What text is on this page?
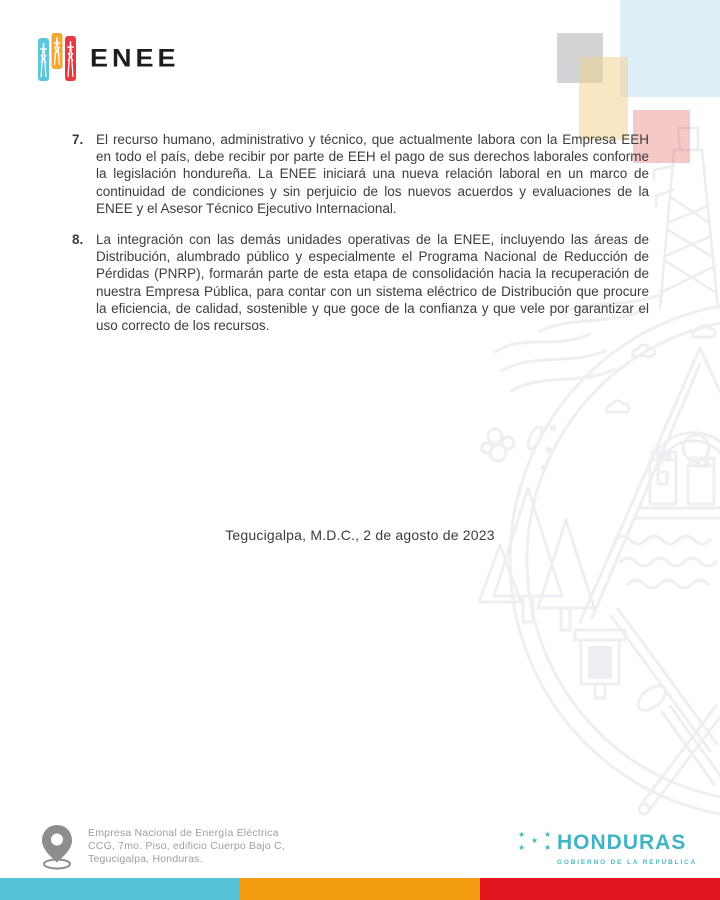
ENEE
7. El recurso humano, administrativo y técnico, que actualmente labora con la Empresa EEH en todo el país, debe recibir por parte de EEH el pago de sus derechos laborales conforme la legislación hondureña. La ENEE iniciará una nueva relación laboral en un marco de continuidad de condiciones y sin perjuicio de los nuevos acuerdos y evaluaciones de la ENEE y el Asesor Técnico Ejecutivo Internacional.

8. La integración con las demás unidades operativas de la ENEE, incluyendo las áreas de Distribución, alumbrado público y especialmente el Programa Nacional de Reducción de Pérdidas (PNRP), formarán parte de esta etapa de consolidación hacia la recuperación de nuestra Empresa Pública, para contar con un sistema eléctrico de Distribución que procure la eficiencia, de calidad, sostenible y que goce de la confianza y que vele por garantizar el uso correcto de los recursos.

Tegucigalpa, M.D.C., 2 de agosto de 2023
Empresa Nacional de Energía Eléctrica
CCG, 7mo. Piso, edificio Cuerpo Bajo C,
Tegucigalpa, Honduras.
★
★
★
★
★ HONDURAS
GOBIERNO DE LA REPÚBLICA
